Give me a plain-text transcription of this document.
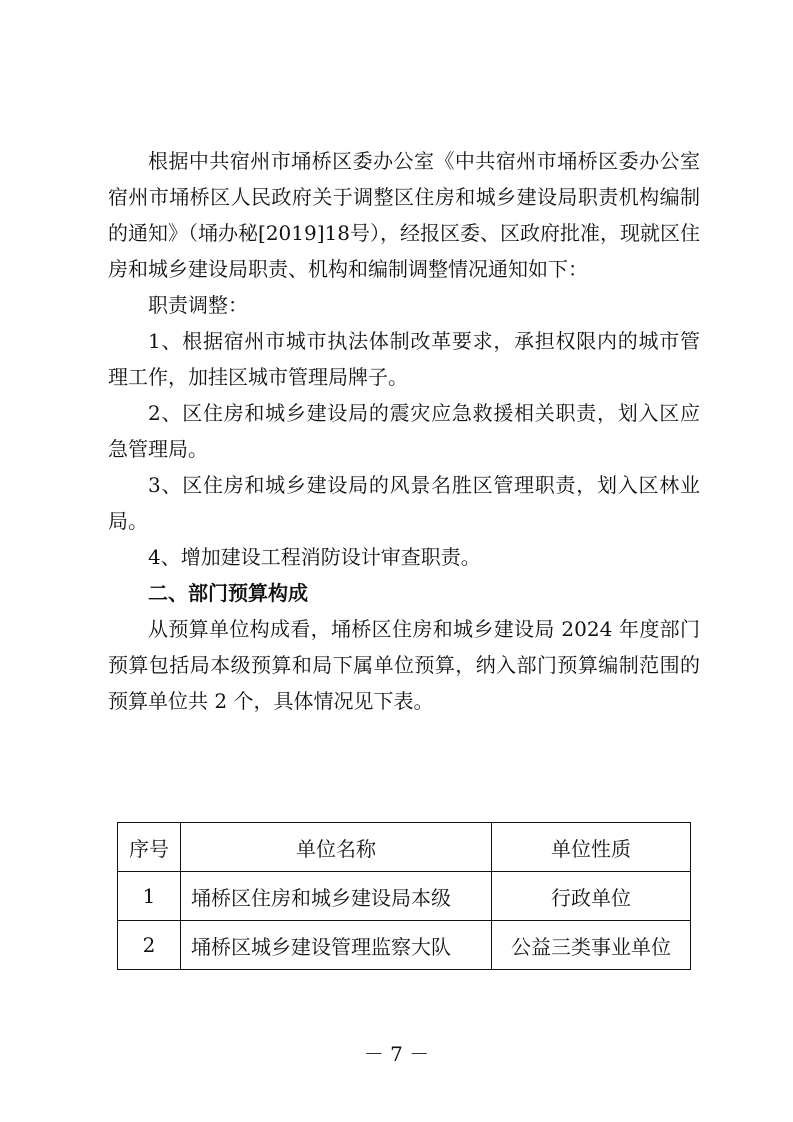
根据中共宿州市埇桥区委办公室《中共宿州市埇桥区委办公室 宿州市埇桥区人民政府关于调整区住房和城乡建设局职责机构编制的通知》（埇办秘[2019]18号），经报区委、区政府批准，现就区住房和城乡建设局职责、机构和编制调整情况通知如下：

职责调整：

1、根据宿州市城市执法体制改革要求，承担权限内的城市管理工作，加挂区城市管理局牌子。

2、区住房和城乡建设局的震灾应急救援相关职责，划入区应急管理局。

3、区住房和城乡建设局的风景名胜区管理职责，划入区林业局。

4、增加建设工程消防设计审查职责。

二、部门预算构成

从预算单位构成看，埇桥区住房和城乡建设局 2024 年度部门预算包括局本级预算和局下属单位预算，纳入部门预算编制范围的预算单位共 2 个，具体情况见下表。

序号	单位名称	单位性质
1	埇桥区住房和城乡建设局本级	行政单位
2	埇桥区城乡建设管理监察大队	公益三类事业单位
－ 7 －
